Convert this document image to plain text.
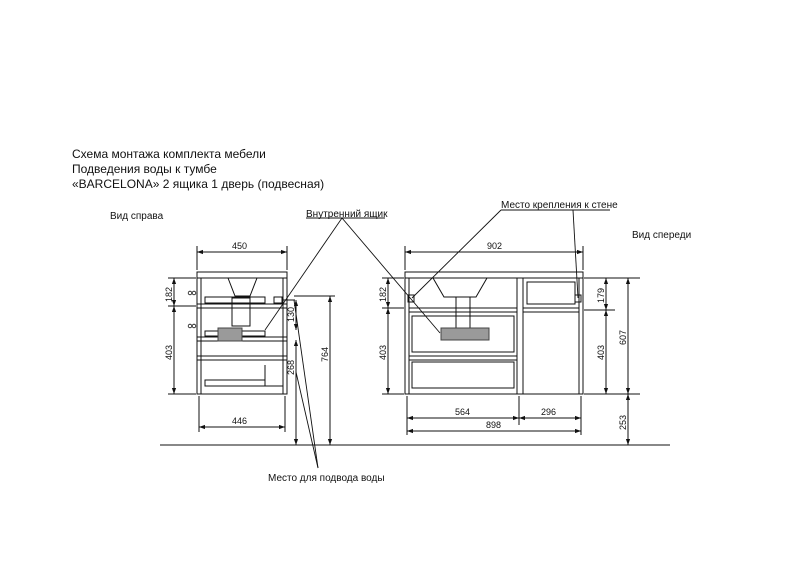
Схема монтажа комплекта мебели
Подведения воды к тумбе
«BARCELONA» 2 ящика 1 дверь (подвесная)
Вид справа
Вид спереди
Внутренний ящик
Место крепления к стене
Место для подвода воды
450
446
182
403
130
268
764
902
564	296
898
182
403
179
403
607
253
